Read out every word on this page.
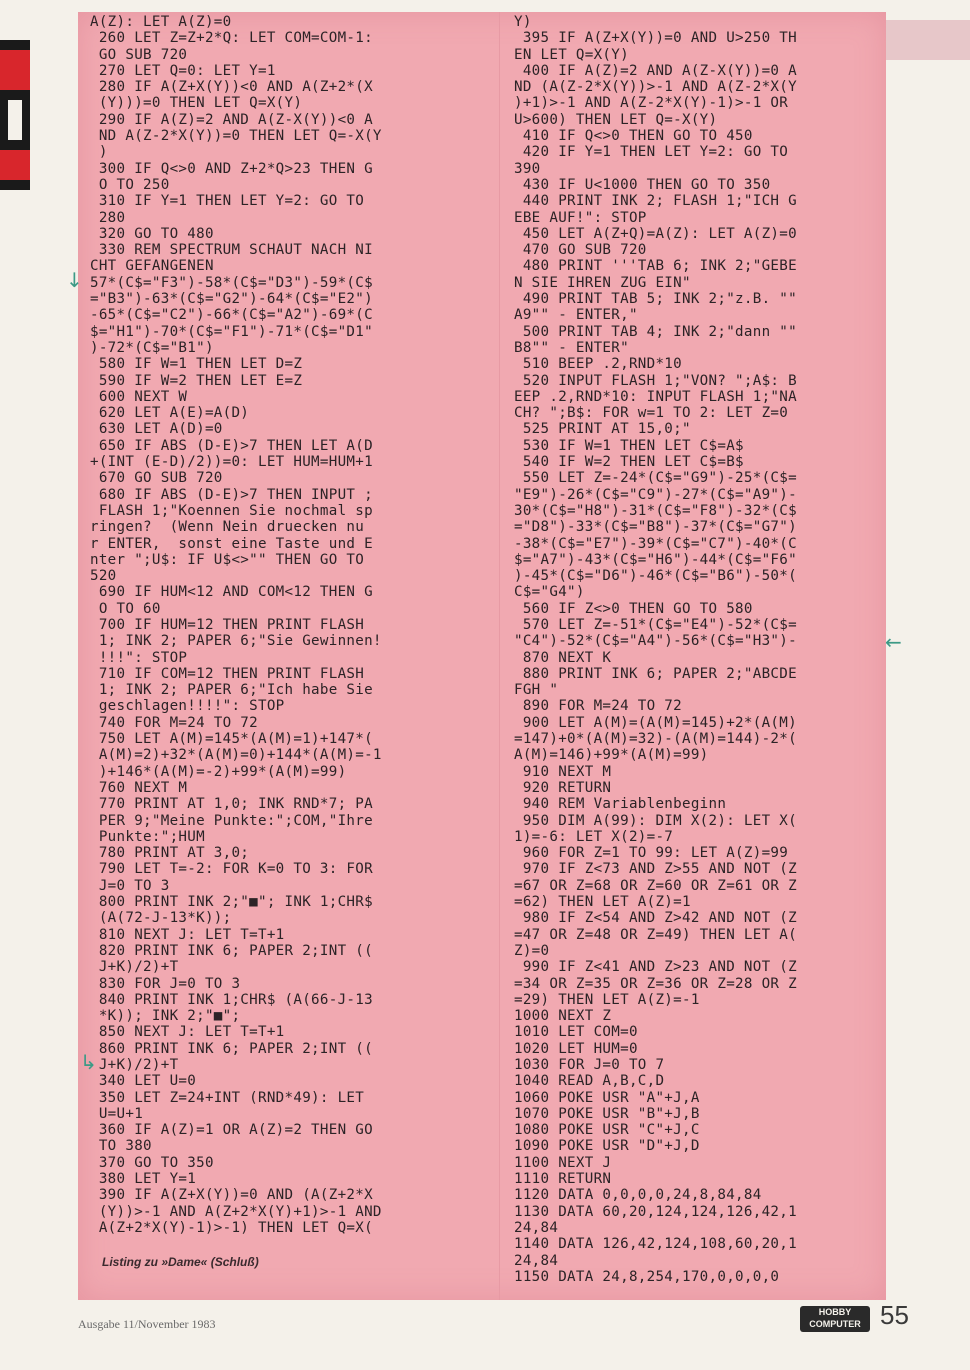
A(Z): LET A(Z)=0
260 LET Z=Z+2*Q: LET COM=COM-1:
GO SUB 720
270 LET Q=0: LET Y=1
280 IF A(Z+X(Y))<0 AND A(Z+2*(X
(Y)))=0 THEN LET Q=X(Y)
290 IF A(Z)=2 AND A(Z-X(Y))<0 A
ND A(Z-2*X(Y))=0 THEN LET Q=-X(Y
)
300 IF Q<>0 AND Z+2*Q>23 THEN G
O TO 250
310 IF Y=1 THEN LET Y=2: GO TO
280
320 GO TO 480
330 REM SPECTRUM SCHAUT NACH NI
CHT GEFANGENEN
57*(C$="F3")-58*(C$="D3")-59*(C$
="B3")-63*(C$="G2")-64*(C$="E2")
-65*(C$="C2")-66*(C$="A2")-69*(C
$="H1")-70*(C$="F1")-71*(C$="D1"
)-72*(C$="B1")
580 IF W=1 THEN LET D=Z
590 IF W=2 THEN LET E=Z
600 NEXT W
620 LET A(E)=A(D)
630 LET A(D)=0
650 IF ABS (D-E)>7 THEN LET A(D
+(INT (E-D)/2))=0: LET HUM=HUM+1
670 GO SUB 720
680 IF ABS (D-E)>7 THEN INPUT ;
FLASH 1;"Koennen Sie nochmal sp
ringen?  (Wenn Nein druecken nu
r ENTER,  sonst eine Taste und E
nter ";U$: IF U$<>"" THEN GO TO
520
690 IF HUM<12 AND COM<12 THEN G
O TO 60
700 IF HUM=12 THEN PRINT FLASH
1; INK 2; PAPER 6;"Sie Gewinnen!
!!!": STOP
710 IF COM=12 THEN PRINT FLASH
1; INK 2; PAPER 6;"Ich habe Sie
geschlagen!!!!": STOP
740 FOR M=24 TO 72
750 LET A(M)=145*(A(M)=1)+147*(
A(M)=2)+32*(A(M)=0)+144*(A(M)=-1
)+146*(A(M)=-2)+99*(A(M)=99)
760 NEXT M
770 PRINT AT 1,0; INK RND*7; PA
PER 9;"Meine Punkte:";COM,"Ihre
Punkte:";HUM
780 PRINT AT 3,0;
790 LET T=-2: FOR K=0 TO 3: FOR
J=0 TO 3
800 PRINT INK 2;"■"; INK 1;CHR$
(A(72-J-13*K));
810 NEXT J: LET T=T+1
820 PRINT INK 6; PAPER 2;INT ((
J+K)/2)+T
830 FOR J=0 TO 3
840 PRINT INK 1;CHR$ (A(66-J-13
*K)); INK 2;"■";
850 NEXT J: LET T=T+1
860 PRINT INK 6; PAPER 2;INT ((
J+K)/2)+T
340 LET U=0
350 LET Z=24+INT (RND*49): LET
U=U+1
360 IF A(Z)=1 OR A(Z)=2 THEN GO
TO 380
370 GO TO 350
380 LET Y=1
390 IF A(Z+X(Y))=0 AND (A(Z+2*X
(Y))>-1 AND A(Z+2*X(Y)+1)>-1 AND
A(Z+2*X(Y)-1)>-1) THEN LET Q=X(
Y)
395 IF A(Z+X(Y))=0 AND U>250 TH
EN LET Q=X(Y)
400 IF A(Z)=2 AND A(Z-X(Y))=0 A
ND (A(Z-2*X(Y))>-1 AND A(Z-2*X(Y
)+1)>-1 AND A(Z-2*X(Y)-1)>-1 OR
U>600) THEN LET Q=-X(Y)
410 IF Q<>0 THEN GO TO 450
420 IF Y=1 THEN LET Y=2: GO TO
390
430 IF U<1000 THEN GO TO 350
440 PRINT INK 2; FLASH 1;"ICH G
EBE AUF!": STOP
450 LET A(Z+Q)=A(Z): LET A(Z)=0
470 GO SUB 720
480 PRINT '''TAB 6; INK 2;"GEBE
N SIE IHREN ZUG EIN"
490 PRINT TAB 5; INK 2;"z.B. ""
A9"" - ENTER,"
500 PRINT TAB 4; INK 2;"dann ""
B8"" - ENTER"
510 BEEP .2,RND*10
520 INPUT FLASH 1;"VON? ";A$: B
EEP .2,RND*10: INPUT FLASH 1;"NA
CH? ";B$: FOR w=1 TO 2: LET Z=0
525 PRINT AT 15,0;"
530 IF W=1 THEN LET C$=A$
540 IF W=2 THEN LET C$=B$
550 LET Z=-24*(C$="G9")-25*(C$=
"E9")-26*(C$="C9")-27*(C$="A9")-
30*(C$="H8")-31*(C$="F8")-32*(C$
="D8")-33*(C$="B8")-37*(C$="G7")
-38*(C$="E7")-39*(C$="C7")-40*(C
$="A7")-43*(C$="H6")-44*(C$="F6"
)-45*(C$="D6")-46*(C$="B6")-50*(
C$="G4")
560 IF Z<>0 THEN GO TO 580
570 LET Z=-51*(C$="E4")-52*(C$=
"C4")-52*(C$="A4")-56*(C$="H3")-
870 NEXT K
880 PRINT INK 6; PAPER 2;"ABCDE
FGH "
890 FOR M=24 TO 72
900 LET A(M)=(A(M)=145)+2*(A(M)
=147)+0*(A(M)=32)-(A(M)=144)-2*(
A(M)=146)+99*(A(M)=99)
910 NEXT M
920 RETURN
940 REM Variablenbeginn
950 DIM A(99): DIM X(2): LET X(
1)=-6: LET X(2)=-7
960 FOR Z=1 TO 99: LET A(Z)=99
970 IF Z<73 AND Z>55 AND NOT (Z
=67 OR Z=68 OR Z=60 OR Z=61 OR Z
=62) THEN LET A(Z)=1
980 IF Z<54 AND Z>42 AND NOT (Z
=47 OR Z=48 OR Z=49) THEN LET A(
Z)=0
990 IF Z<41 AND Z>23 AND NOT (Z
=34 OR Z=35 OR Z=36 OR Z=28 OR Z
=29) THEN LET A(Z)=-1
1000 NEXT Z
1010 LET COM=0
1020 LET HUM=0
1030 FOR J=0 TO 7
1040 READ A,B,C,D
1060 POKE USR "A"+J,A
1070 POKE USR "B"+J,B
1080 POKE USR "C"+J,C
1090 POKE USR "D"+J,D
1100 NEXT J
1110 RETURN
1120 DATA 0,0,0,0,24,8,84,84
1130 DATA 60,20,124,124,126,42,1
24,84
1140 DATA 126,42,124,108,60,20,1
24,84
1150 DATA 24,8,254,170,0,0,0,0
↓
←
↳
Listing zu »Dame« (Schluß)
Ausgabe 11/November 1983
HOBBY COMPUTER 55
